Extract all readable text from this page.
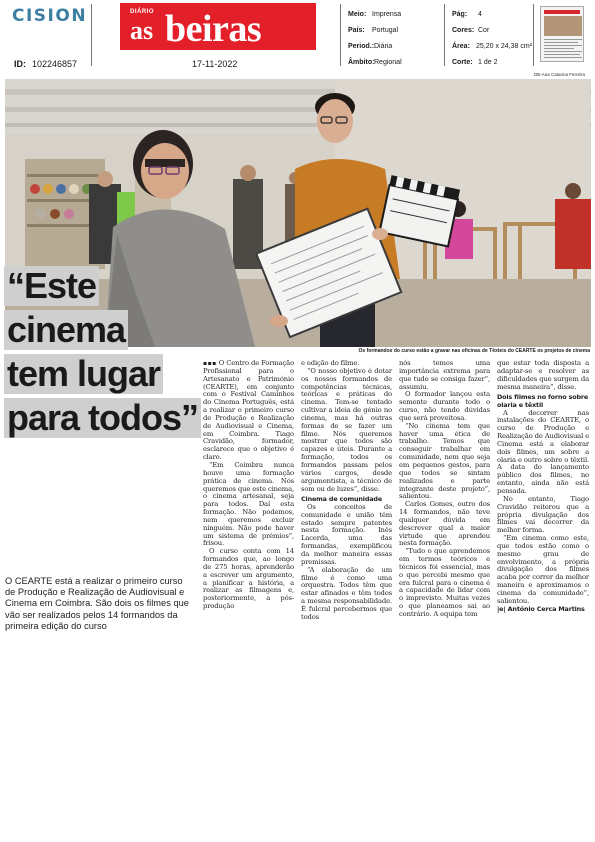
CISION
ID: 102246857
DIÁRIO
as beiras
17-11-2022
Meio: Imprensa
País: Portugal
Period.:Diária
Âmbito:Regional
Pág: 4
Cores: Cor
Área: 25,20 x 24,38 cm²
Corte: 1 de 2
DB-Ana Catarina Ferreira
Os formandos do curso estão a gravar nas oficinas de Têxteis do CEARTE os projetos de cinema
“Este
cinema
tem lugar
para todos”
O CEARTE está a realizar o primeiro curso de Produção e Realização de Audiovisual e Cinema em Coimbra. São dois os filmes que vão ser realizados pelos 14 formandos da primeira edição do curso

▪▪▪ O Centro de Formação Profissional para o Artesanato e Património (CEARTE), em conjunto com o Festival Caminhos do Cinema Português, está a realizar o primeiro curso de Produção e Realização de Audiovisual e Cinema, em Coimbra. Tiago Cravidão, formador, esclarece que o objetivo é claro.

“Em Coimbra nunca houve uma formação prática de cinema. Nós queremos que este cinema, o cinema artesanal, seja para todos. Daí esta formação. Não podemos, nem queremos excluir ninguém. Não pode haver um sistema de prémios”, frisou.

O curso conta com 14 formandos que, ao longo de 275 horas, aprenderão a escrever um argumento, a planificar a história, a realizar as filmagens e, posteriormente, a pós-produção

e edição do filme.

“O nosso objetivo é dotar os nossos formandos de competências técnicas, teóricas e práticas do cinema. Tem-se tentado cultivar a ideia de génio no cinema, mas há outras formas de se fazer um filme. Nós queremos mostrar que todos são capazes e úteis. Durante a formação, todos os formandos passam pelos vários cargos, desde argumentista, a técnico de som ou de luzes”, disse.

Cinema de comunidade

Os conceitos de comunidade e união têm estado sempre patentes nesta formação. Inês Lacerda, uma das formandas, exemplificou da melhor maneira essas premissas.

“A elaboração de um filme é como uma orquestra. Todos têm que estar afinados e têm todos a mesma responsabilidade. É fulcral percebermos que todos

nós temos uma importância extrema para que tudo se consiga fazer”, assumiu.

O formador lançou esta semente durante todo o curso, não tendo dúvidas que será proveitosa.

“No cinema tem que haver uma ética de trabalho. Temos que conseguir trabalhar em comunidade, nem que seja em pequenos gestos, para que todos se sintam realizados e parte integrante deste projeto”, salientou.

Carlos Gomes, outro dos 14 formandos, não teve qualquer dúvida em descrever qual a maior virtude que aprendeu nesta formação.

“Tudo o que aprendemos em termos teóricos e técnicos foi essencial, mas o que percebi mesmo que era fulcral para o cinema é a capacidade de lidar com o imprevisto. Muitas vezes o que planeamos sai ao contrário. A equipa tem

que estar toda disposta a adaptar-se e resolver as dificuldades que surgem da mesma maneira”, disse.

Dois filmes no forno sobre olaria e têxtil

A decorrer nas instalações do CEARTE, o curso de Produção e Realização de Audiovisual e Cinema está a elaborar dois filmes, um sobre a olaria e outro sobre o têxtil. A data do lançamento público dos filmes, no entanto, ainda não está pensada.

No entanto, Tiago Cravidão reiterou que a própria divulgação dos filmes vai decorrer da melhor forma.

“Em cinema como este, que todos estão como o mesmo grau de envolvimento, a própria divulgação dos filmes acaba por correr da melhor maneira e aproximamos o cinema da comunidade”, salientou.

|e| António Cerca Martins
